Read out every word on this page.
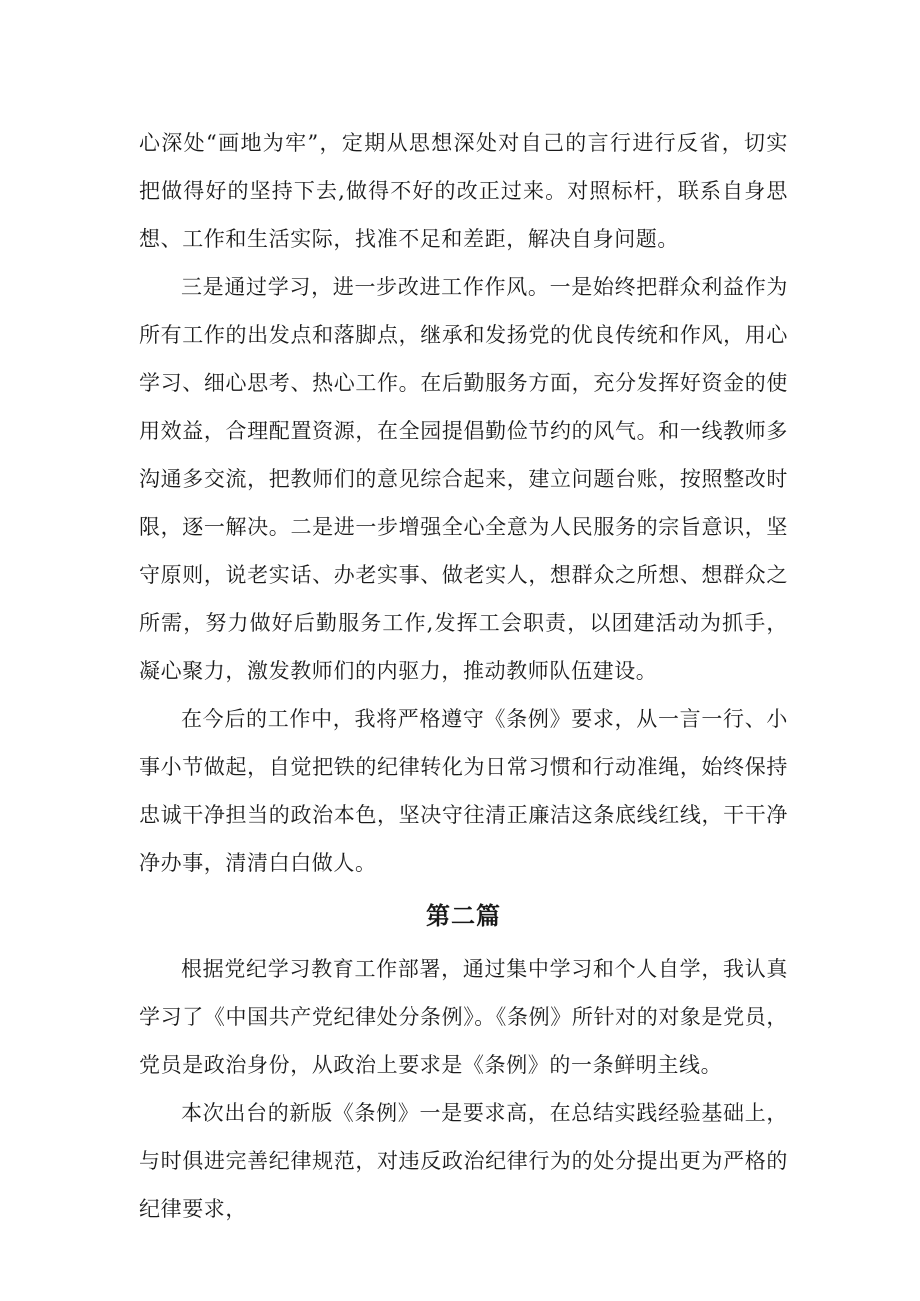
心深处“画地为牢”，定期从思想深处对自己的言行进行反省，切实把做得好的坚持下去,做得不好的改正过来。对照标杆，联系自身思想、工作和生活实际，找准不足和差距，解决自身问题。

三是通过学习，进一步改进工作作风。一是始终把群众利益作为所有工作的出发点和落脚点，继承和发扬党的优良传统和作风，用心学习、细心思考、热心工作。在后勤服务方面，充分发挥好资金的使用效益，合理配置资源，在全园提倡勤俭节约的风气。和一线教师多沟通多交流，把教师们的意见综合起来，建立问题台账，按照整改时限，逐一解决。二是进一步增强全心全意为人民服务的宗旨意识，坚守原则，说老实话、办老实事、做老实人，想群众之所想、想群众之所需，努力做好后勤服务工作,发挥工会职责，以团建活动为抓手，凝心聚力，激发教师们的内驱力，推动教师队伍建设。

在今后的工作中，我将严格遵守《条例》要求，从一言一行、小事小节做起，自觉把铁的纪律转化为日常习惯和行动准绳，始终保持忠诚干净担当的政治本色，坚决守往清正廉洁这条底线红线，干干净净办事，清清白白做人。

第二篇

根据党纪学习教育工作部署，通过集中学习和个人自学，我认真学习了《中国共产党纪律处分条例》。《条例》所针对的对象是党员，党员是政治身份，从政治上要求是《条例》的一条鲜明主线。

本次出台的新版《条例》一是要求高，在总结实践经验基础上，与时俱进完善纪律规范，对违反政治纪律行为的处分提出更为严格的纪律要求，
